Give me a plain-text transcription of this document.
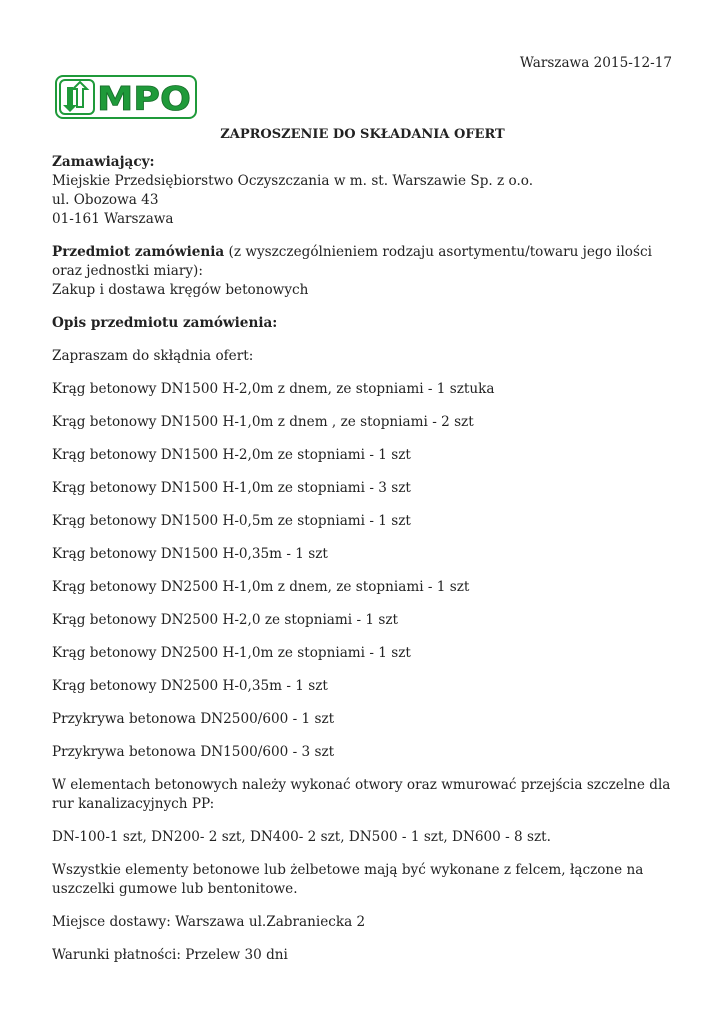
Warszawa 2015-12-17
MPO
ZAPROSZENIE DO SKŁADANIA OFERT
Zamawiający:
Miejskie Przedsiębiorstwo Oczyszczania w m. st. Warszawie Sp. z o.o.
ul. Obozowa 43
01-161 Warszawa

Przedmiot zamówienia (z wyszczególnieniem rodzaju asortymentu/towaru jego ilości oraz jednostki miary):

Zakup i dostawa kręgów betonowych
Opis przedmiotu zamówienia:
Zapraszam do skłądnia ofert:
Krąg betonowy DN1500 H-2,0m z dnem, ze stopniami - 1 sztuka
Krąg betonowy DN1500 H-1,0m z dnem , ze stopniami - 2 szt
Krąg betonowy DN1500 H-2,0m ze stopniami - 1 szt
Krąg betonowy DN1500 H-1,0m ze stopniami - 3 szt
Krąg betonowy DN1500 H-0,5m ze stopniami - 1 szt
Krąg betonowy DN1500 H-0,35m - 1 szt
Krąg betonowy DN2500 H-1,0m z dnem, ze stopniami - 1 szt
Krąg betonowy DN2500 H-2,0 ze stopniami - 1 szt
Krąg betonowy DN2500 H-1,0m ze stopniami - 1 szt
Krąg betonowy DN2500 H-0,35m - 1 szt
Przykrywa betonowa DN2500/600 - 1 szt
Przykrywa betonowa DN1500/600 - 3 szt
W elementach betonowych należy wykonać otwory oraz wmurować przejścia szczelne dla rur kanalizacyjnych PP:
DN-100-1 szt, DN200- 2 szt, DN400- 2 szt, DN500 - 1 szt, DN600 - 8 szt.
Wszystkie elementy betonowe lub żelbetowe mają być wykonane z felcem, łączone na uszczelki gumowe lub bentonitowe.
Miejsce dostawy: Warszawa ul.Zabraniecka 2
Warunki płatności: Przelew 30 dni
